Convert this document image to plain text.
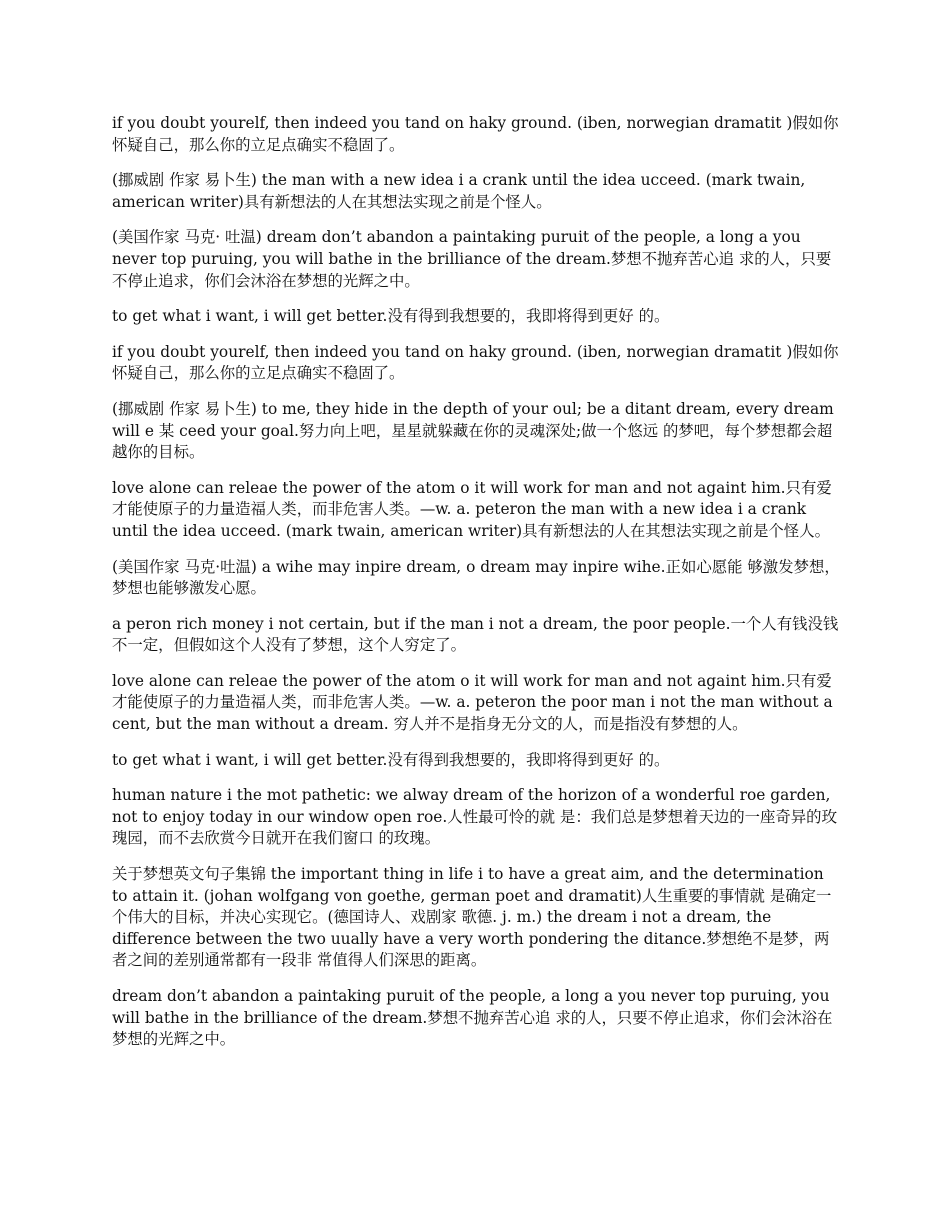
if you doubt yourelf, then indeed you tand on haky ground. (iben, norwegian dramatit )假如你怀疑自己，那么你的立足点确实不稳固了。

(挪威剧 作家 易卜生) the man with a new idea i a crank until the idea ucceed. (mark twain, american writer)具有新想法的人在其想法实现之前是个怪人。

(美国作家 马克· 吐温) dream don’t abandon a paintaking puruit of the people, a long a you never top puruing, you will bathe in the brilliance of the dream.梦想不抛弃苦心追 求的人，只要不停止追求，你们会沐浴在梦想的光辉之中。

to get what i want, i will get better.没有得到我想要的，我即将得到更好 的。

if you doubt yourelf, then indeed you tand on haky ground. (iben, norwegian dramatit )假如你怀疑自己，那么你的立足点确实不稳固了。

(挪威剧 作家 易卜生) to me, they hide in the depth of your oul; be a ditant dream, every dream will e 某 ceed your goal.努力向上吧，星星就躲藏在你的灵魂深处;做一个悠远 的梦吧，每个梦想都会超越你的目标。

love alone can releae the power of the atom o it will work for man and not againt him.只有爱才能使原子的力量造福人类，而非危害人类。—w. a. peteron the man with a new idea i a crank until the idea ucceed. (mark twain, american writer)具有新想法的人在其想法实现之前是个怪人。

(美国作家 马克·吐温) a wihe may inpire dream, o dream may inpire wihe.正如心愿能 够激发梦想，梦想也能够激发心愿。

a peron rich money i not certain, but if the man i not a dream, the poor people.一个人有钱没钱不一定，但假如这个人没有了梦想，这个人穷定了。

love alone can releae the power of the atom o it will work for man and not againt him.只有爱才能使原子的力量造福人类，而非危害人类。—w. a. peteron the poor man i not the man without a cent, but the man without a dream. 穷人并不是指身无分文的人，而是指没有梦想的人。

to get what i want, i will get better.没有得到我想要的，我即将得到更好 的。

human nature i the mot pathetic: we alway dream of the horizon of a wonderful roe garden, not to enjoy today in our window open roe.人性最可怜的就 是：我们总是梦想着天边的一座奇异的玫瑰园，而不去欣赏今日就开在我们窗口 的玫瑰。

关于梦想英文句子集锦 the important thing in life i to have a great aim, and the determination to attain it. (johan wolfgang von goethe, german poet and dramatit)人生重要的事情就 是确定一个伟大的目标，并决心实现它。(德国诗人、戏剧家 歌德. j. m.) the dream i not a dream, the difference between the two uually have a very worth pondering the ditance.梦想绝不是梦，两者之间的差别通常都有一段非 常值得人们深思的距离。

dream don’t abandon a paintaking puruit of the people, a long a you never top puruing, you will bathe in the brilliance of the dream.梦想不抛弃苦心追 求的人，只要不停止追求，你们会沐浴在梦想的光辉之中。
